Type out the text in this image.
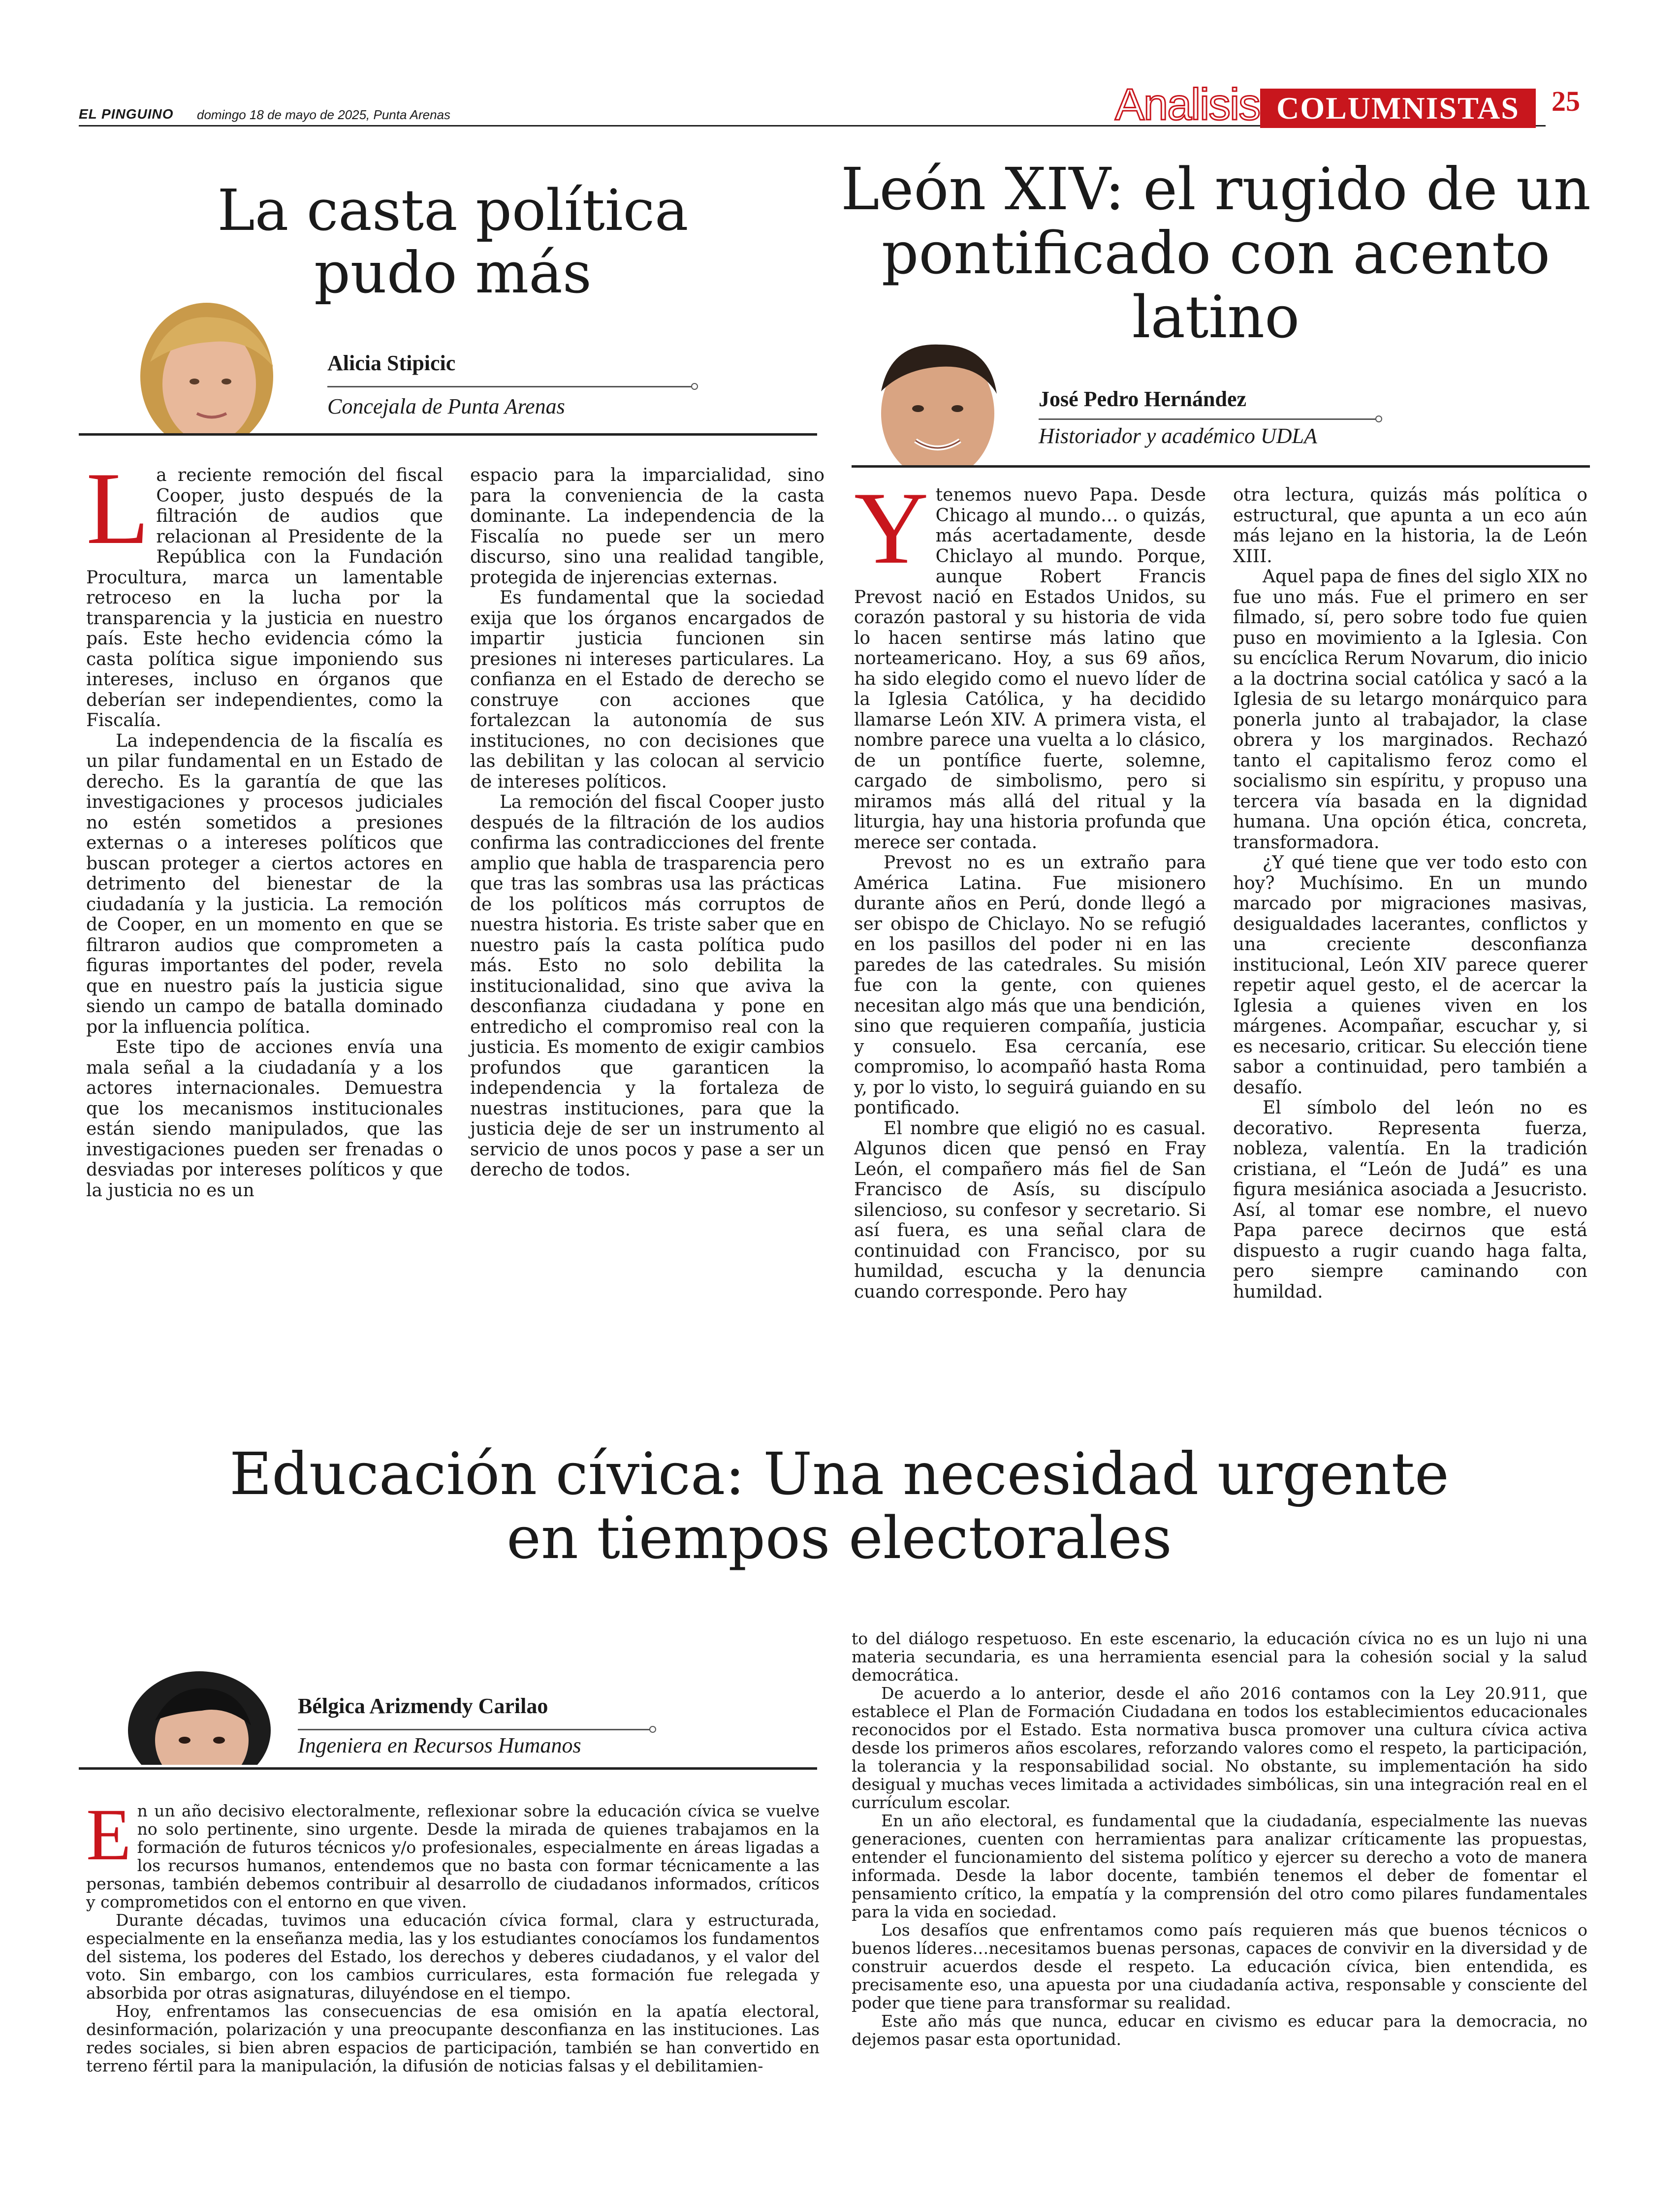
EL PINGUINO domingo 18 de mayo de 2025, Punta Arenas	Analisis COLUMNISTAS	25
La casta política pudo más
Alicia Stipicic
Concejala de Punta Arenas
L a reciente remoción del fiscal Cooper, justo después de la filtración de audios que relacionan al Presidente de la República con la Fundación Procultura, marca un lamentable retroceso en la lucha por la transparencia y la justicia en nuestro país. Este hecho evidencia cómo la casta política sigue imponiendo sus intereses, incluso en órganos que deberían ser independientes, como la Fiscalía.

La independencia de la fiscalía es un pilar fundamental en un Estado de derecho. Es la garantía de que las investigaciones y procesos judiciales no estén sometidos a presiones externas o a intereses políticos que buscan proteger a ciertos actores en detrimento del bienestar de la ciudadanía y la justicia. La remoción de Cooper, en un momento en que se filtraron audios que comprometen a figuras importantes del poder, revela que en nuestro país la justicia sigue siendo un campo de batalla dominado por la influencia política.

Este tipo de acciones envía una mala señal a la ciudadanía y a los actores internacionales. Demuestra que los mecanismos institucionales están siendo manipulados, que las investigaciones pueden ser frenadas o desviadas por intereses políticos y que la justicia no es un

espacio para la imparcialidad, sino para la conveniencia de la casta dominante. La independencia de la Fiscalía no puede ser un mero discurso, sino una realidad tangible, protegida de injerencias externas.

Es fundamental que la sociedad exija que los órganos encargados de impartir justicia funcionen sin presiones ni intereses particulares. La confianza en el Estado de derecho se construye con acciones que fortalezcan la autonomía de sus instituciones, no con decisiones que las debilitan y las colocan al servicio de intereses políticos.

La remoción del fiscal Cooper justo después de la filtración de los audios confirma las contradicciones del frente amplio que habla de trasparencia pero que tras las sombras usa las prácticas de los políticos más corruptos de nuestra historia. Es triste saber que en nuestro país la casta política pudo más. Esto no solo debilita la institucionalidad, sino que aviva la desconfianza ciudadana y pone en entredicho el compromiso real con la justicia. Es momento de exigir cambios profundos que garanticen la independencia y la fortaleza de nuestras instituciones, para que la justicia deje de ser un instrumento al servicio de unos pocos y pase a ser un derecho de todos.

León XIV: el rugido de un pontificado con acento latino
José Pedro Hernández
Historiador y académico UDLA
Y tenemos nuevo Papa. Desde Chicago al mundo… o quizás, más acertadamente, desde Chiclayo al mundo. Porque, aunque Robert Francis Prevost nació en Estados Unidos, su corazón pastoral y su historia de vida lo hacen sentirse más latino que norteamericano. Hoy, a sus 69 años, ha sido elegido como el nuevo líder de la Iglesia Católica, y ha decidido llamarse León XIV. A primera vista, el nombre parece una vuelta a lo clásico, de un pontífice fuerte, solemne, cargado de simbolismo, pero si miramos más allá del ritual y la liturgia, hay una historia profunda que merece ser contada.

Prevost no es un extraño para América Latina. Fue misionero durante años en Perú, donde llegó a ser obispo de Chiclayo. No se refugió en los pasillos del poder ni en las paredes de las catedrales. Su misión fue con la gente, con quienes necesitan algo más que una bendición, sino que requieren compañía, justicia y consuelo. Esa cercanía, ese compromiso, lo acompañó hasta Roma y, por lo visto, lo seguirá guiando en su pontificado.

El nombre que eligió no es casual. Algunos dicen que pensó en Fray León, el compañero más fiel de San Francisco de Asís, su discípulo silencioso, su confesor y secretario. Si así fuera, es una señal clara de continuidad con Francisco, por su humildad, escucha y la denuncia cuando corresponde. Pero hay

otra lectura, quizás más política o estructural, que apunta a un eco aún más lejano en la historia, la de León XIII.

Aquel papa de fines del siglo XIX no fue uno más. Fue el primero en ser filmado, sí, pero sobre todo fue quien puso en movimiento a la Iglesia. Con su encíclica Rerum Novarum, dio inicio a la doctrina social católica y sacó a la Iglesia de su letargo monárquico para ponerla junto al trabajador, la clase obrera y los marginados. Rechazó tanto el capitalismo feroz como el socialismo sin espíritu, y propuso una tercera vía basada en la dignidad humana. Una opción ética, concreta, transformadora.

¿Y qué tiene que ver todo esto con hoy? Muchísimo. En un mundo marcado por migraciones masivas, desigualdades lacerantes, conflictos y una creciente desconfianza institucional, León XIV parece querer repetir aquel gesto, el de acercar la Iglesia a quienes viven en los márgenes. Acompañar, escuchar y, si es necesario, criticar. Su elección tiene sabor a continuidad, pero también a desafío.

El símbolo del león no es decorativo. Representa fuerza, nobleza, valentía. En la tradición cristiana, el “León de Judá” es una figura mesiánica asociada a Jesucristo. Así, al tomar ese nombre, el nuevo Papa parece decirnos que está dispuesto a rugir cuando haga falta, pero siempre caminando con humildad.

Educación cívica: Una necesidad urgente en tiempos electorales
Bélgica Arizmendy Carilao
Ingeniera en Recursos Humanos
E n un año decisivo electoralmente, reflexionar sobre la educación cívica se vuelve no solo pertinente, sino urgente. Desde la mirada de quienes trabajamos en la formación de futuros técnicos y/o profesionales, especialmente en áreas ligadas a los recursos humanos, entendemos que no basta con formar técnicamente a las personas, también debemos contribuir al desarrollo de ciudadanos informados, críticos y comprometidos con el entorno en que viven.

Durante décadas, tuvimos una educación cívica formal, clara y estructurada, especialmente en la enseñanza media, las y los estudiantes conocíamos los fundamentos del sistema, los poderes del Estado, los derechos y deberes ciudadanos, y el valor del voto. Sin embargo, con los cambios curriculares, esta formación fue relegada y absorbida por otras asignaturas, diluyéndose en el tiempo.

Hoy, enfrentamos las consecuencias de esa omisión en la apatía electoral, desinformación, polarización y una preocupante desconfianza en las instituciones. Las redes sociales, si bien abren espacios de participación, también se han convertido en terreno fértil para la manipulación, la difusión de noticias falsas y el debilitamien-

to del diálogo respetuoso. En este escenario, la educación cívica no es un lujo ni una materia secundaria, es una herramienta esencial para la cohesión social y la salud democrática.

De acuerdo a lo anterior, desde el año 2016 contamos con la Ley 20.911, que establece el Plan de Formación Ciudadana en todos los establecimientos educacionales reconocidos por el Estado. Esta normativa busca promover una cultura cívica activa desde los primeros años escolares, reforzando valores como el respeto, la participación, la tolerancia y la responsabilidad social. No obstante, su implementación ha sido desigual y muchas veces limitada a actividades simbólicas, sin una integración real en el currículum escolar.

En un año electoral, es fundamental que la ciudadanía, especialmente las nuevas generaciones, cuenten con herramientas para analizar críticamente las propuestas, entender el funcionamiento del sistema político y ejercer su derecho a voto de manera informada. Desde la labor docente, también tenemos el deber de fomentar el pensamiento crítico, la empatía y la comprensión del otro como pilares fundamentales para la vida en sociedad.

Los desafíos que enfrentamos como país requieren más que buenos técnicos o buenos líderes…necesitamos buenas personas, capaces de convivir en la diversidad y de construir acuerdos desde el respeto. La educación cívica, bien entendida, es precisamente eso, una apuesta por una ciudadanía activa, responsable y consciente del poder que tiene para transformar su realidad.

Este año más que nunca, educar en civismo es educar para la democracia, no dejemos pasar esta oportunidad.
